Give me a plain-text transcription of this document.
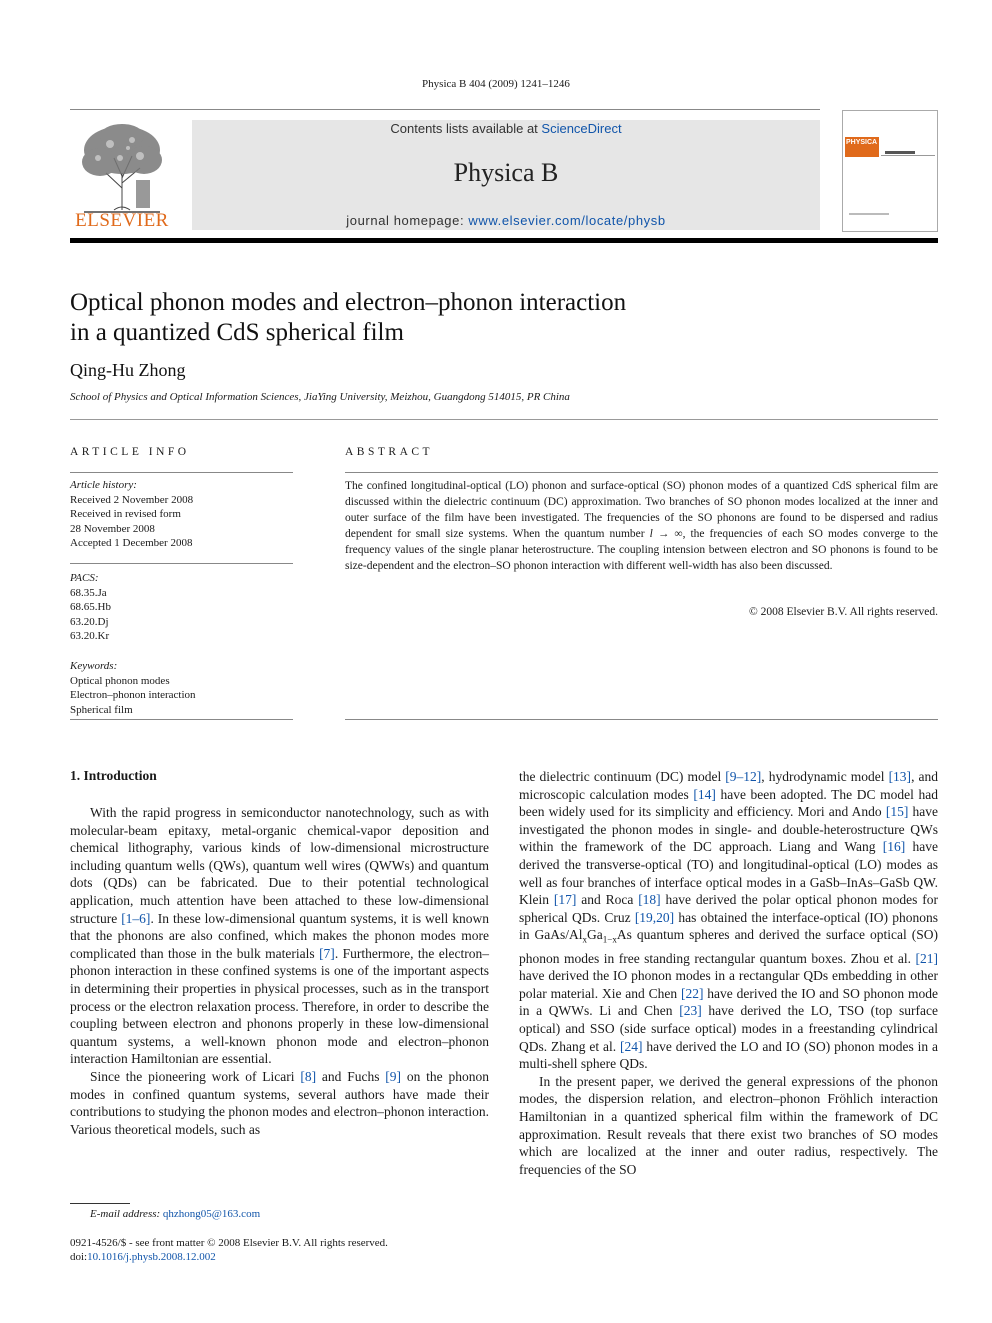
Physica B 404 (2009) 1241–1246
ELSEVIER
Contents lists available at ScienceDirect
Physica B
journal homepage: www.elsevier.com/locate/physb
PHYSICA
Optical phonon modes and electron–phonon interaction
in a quantized CdS spherical film
Qing-Hu Zhong
School of Physics and Optical Information Sciences, JiaYing University, Meizhou, Guangdong 514015, PR China
ARTICLE INFO
Article history:
Received 2 November 2008
Received in revised form
28 November 2008
Accepted 1 December 2008
PACS:
68.35.Ja
68.65.Hb
63.20.Dj
63.20.Kr
Keywords:
Optical phonon modes
Electron–phonon interaction
Spherical film
ABSTRACT
The confined longitudinal-optical (LO) phonon and surface-optical (SO) phonon modes of a quantized CdS spherical film are discussed within the dielectric continuum (DC) approximation. Two branches of SO phonon modes localized at the inner and outer surface of the film have been investigated. The frequencies of the SO phonons are found to be dispersed and radius dependent for small size systems. When the quantum number l → ∞, the frequencies of each SO modes converge to the frequency values of the single planar heterostructure. The coupling intension between electron and SO phonons is found to be size-dependent and the electron–SO phonon interaction with different well-width has also been discussed.
© 2008 Elsevier B.V. All rights reserved.
1. Introduction

With the rapid progress in semiconductor nanotechnology, such as with molecular-beam epitaxy, metal-organic chemical-vapor deposition and chemical lithography, various kinds of low-dimensional microstructure including quantum wells (QWs), quantum well wires (QWWs) and quantum dots (QDs) can be fabricated. Due to their potential technological application, much attention have been attached to these low-dimensional structure [1–6]. In these low-dimensional quantum systems, it is well known that the phonons are also confined, which makes the phonon modes more complicated than those in the bulk materials [7]. Furthermore, the electron–phonon interaction in these confined systems is one of the important aspects in determining their properties in physical processes, such as in the transport process or the electron relaxation process. Therefore, in order to describe the coupling between electron and phonons properly in these low-dimensional quantum systems, a well-known phonon mode and electron–phonon interaction Hamiltonian are essential.

Since the pioneering work of Licari [8] and Fuchs [9] on the phonon modes in confined quantum systems, several authors have made their contributions to studying the phonon modes and electron–phonon interaction. Various theoretical models, such as

the dielectric continuum (DC) model [9–12], hydrodynamic model [13], and microscopic calculation modes [14] have been adopted. The DC model had been widely used for its simplicity and efficiency. Mori and Ando [15] have investigated the phonon modes in single- and double-heterostructure QWs within the framework of the DC approach. Liang and Wang [16] have derived the transverse-optical (TO) and longitudinal-optical (LO) modes as well as four branches of interface optical modes in a GaSb–InAs–GaSb QW. Klein [17] and Roca [18] have derived the polar optical phonon modes for spherical QDs. Cruz [19,20] has obtained the interface-optical (IO) phonons in GaAs/$Al_xGa_{1-x}As$ quantum spheres and derived the surface optical (SO) phonon modes in free standing rectangular quantum boxes. Zhou et al. [21] have derived the IO phonon modes in a rectangular QDs embedding in other polar material. Xie and Chen [22] have derived the IO and SO phonon mode in a QWWs. Li and Chen [23] have derived the LO, TSO (top surface optical) and SSO (side surface optical) modes in a freestanding cylindrical QDs. Zhang et al. [24] have derived the LO and IO (SO) phonon modes in a multi-shell sphere QDs.

In the present paper, we derived the general expressions of the phonon modes, the dispersion relation, and electron–phonon Fröhlich interaction Hamiltonian in a quantized spherical film within the framework of DC approximation. Result reveals that there exist two branches of SO modes which are localized at the inner and outer radius, respectively. The frequencies of the SO

E-mail address: qhzhong05@163.com
0921-4526/$ - see front matter © 2008 Elsevier B.V. All rights reserved.
doi:10.1016/j.physb.2008.12.002
